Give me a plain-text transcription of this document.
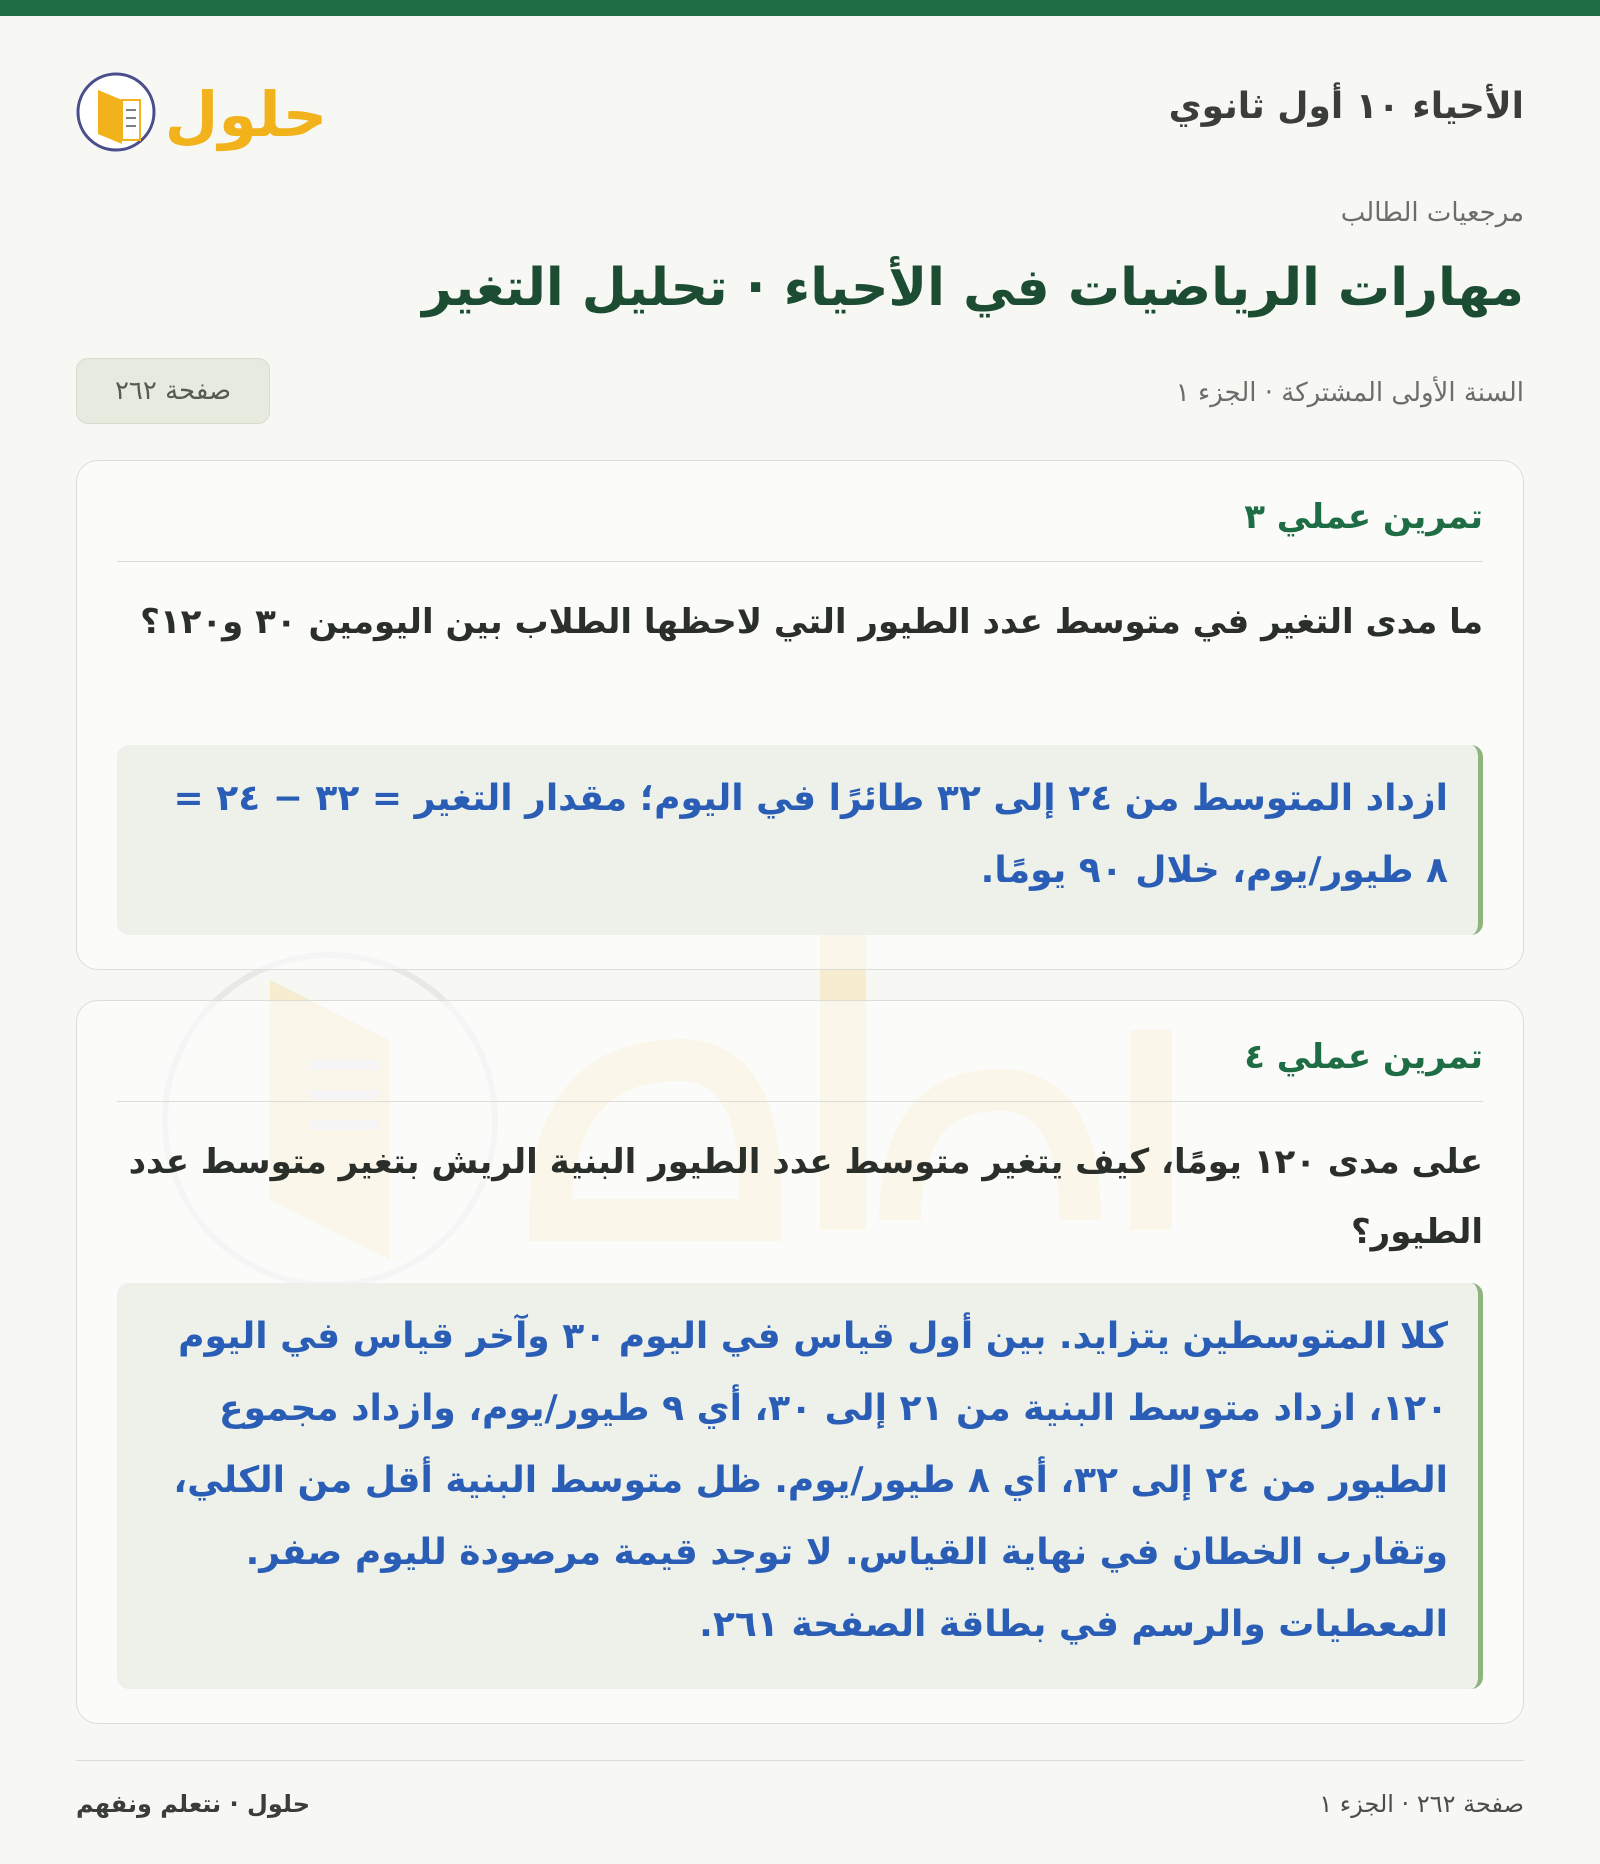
الأحياء ١٠ أول ثانوي
حلول
مرجعيات الطالب
مهارات الرياضيات في الأحياء · تحليل التغير
السنة الأولى المشتركة · الجزء ١
صفحة ٢٦٢
تمرين عملي ٣
ما مدى التغير في متوسط عدد الطيور التي لاحظها الطلاب بين اليومين ٣٠ و١٢٠؟
ازداد المتوسط من ٢٤ إلى ٣٢ طائرًا في اليوم؛ مقدار التغير = ٣٢ − ٢٤ = ٨ طيور/يوم، خلال ٩٠ يومًا.
تمرين عملي ٤
على مدى ١٢٠ يومًا، كيف يتغير متوسط عدد الطيور البنية الريش بتغير متوسط عدد الطيور؟
كلا المتوسطين يتزايد. بين أول قياس في اليوم ٣٠ وآخر قياس في اليوم ١٢٠، ازداد متوسط البنية من ٢١ إلى ٣٠، أي ٩ طيور/يوم، وازداد مجموع الطيور من ٢٤ إلى ٣٢، أي ٨ طيور/يوم. ظل متوسط البنية أقل من الكلي، وتقارب الخطان في نهاية القياس. لا توجد قيمة مرصودة لليوم صفر. المعطيات والرسم في بطاقة الصفحة ٢٦١.
صفحة ٢٦٢ · الجزء ١
حلول · نتعلم ونفهم
